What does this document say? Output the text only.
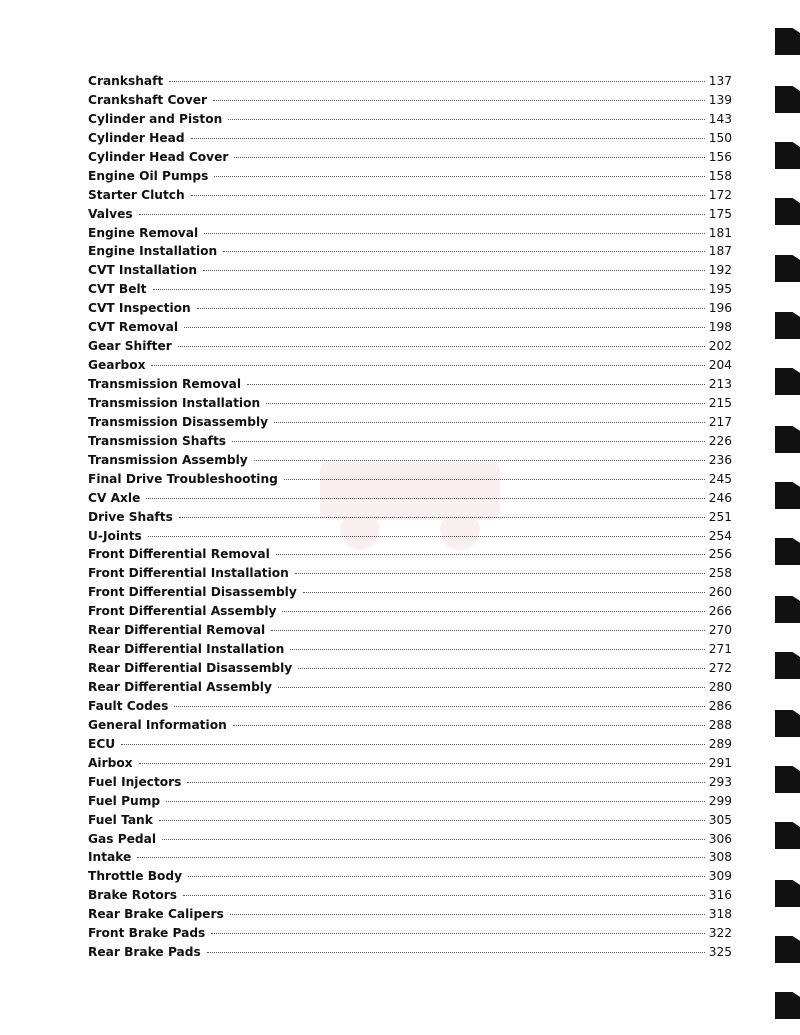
Crankshaft	137
Crankshaft Cover	139
Cylinder and Piston	143
Cylinder Head	150
Cylinder Head Cover	156
Engine Oil Pumps	158
Starter Clutch	172
Valves	175
Engine Removal	181
Engine Installation	187
CVT Installation	192
CVT Belt	195
CVT Inspection	196
CVT Removal	198
Gear Shifter	202
Gearbox	204
Transmission Removal	213
Transmission Installation	215
Transmission Disassembly	217
Transmission Shafts	226
Transmission Assembly	236
Final Drive Troubleshooting	245
CV Axle	246
Drive Shafts	251
U-Joints	254
Front Differential Removal	256
Front Differential Installation	258
Front Differential Disassembly	260
Front Differential Assembly	266
Rear Differential Removal	270
Rear Differential Installation	271
Rear Differential Disassembly	272
Rear Differential Assembly	280
Fault Codes	286
General Information	288
ECU	289
Airbox	291
Fuel Injectors	293
Fuel Pump	299
Fuel Tank	305
Gas Pedal	306
Intake	308
Throttle Body	309
Brake Rotors	316
Rear Brake Calipers	318
Front Brake Pads	322
Rear Brake Pads	325
